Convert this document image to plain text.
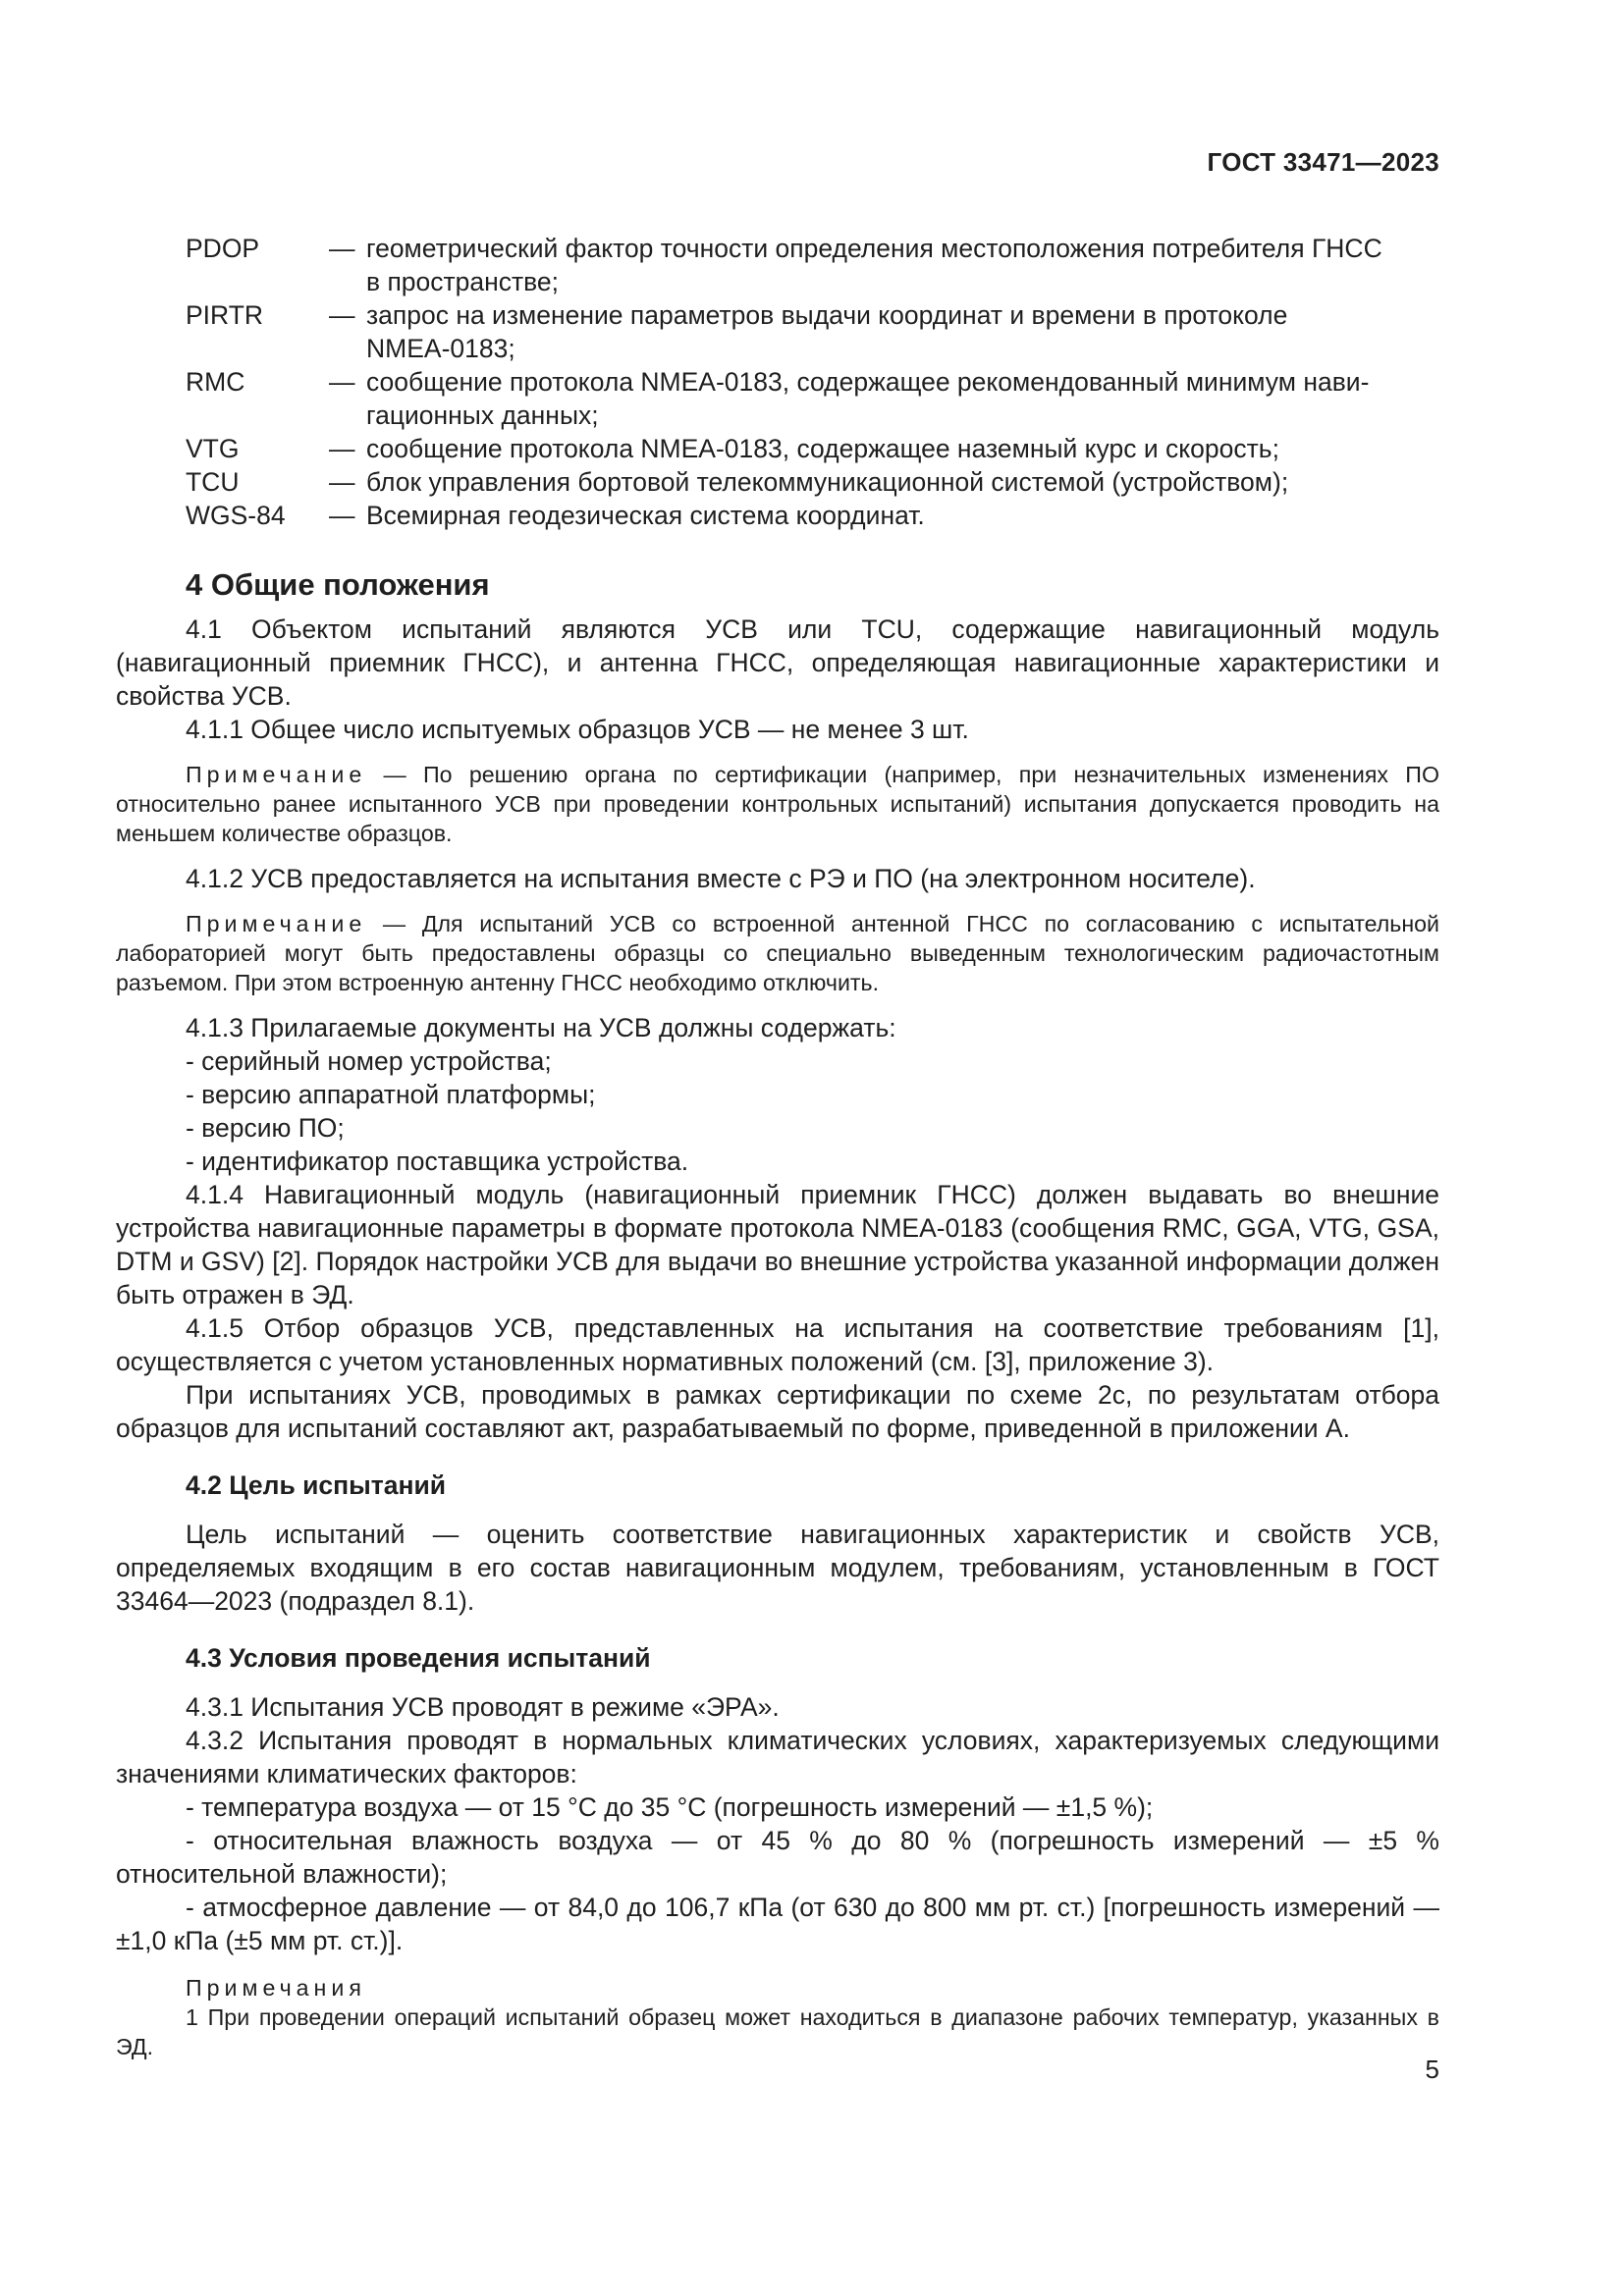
ГОСТ 33471—2023
PDOP	— геометрический фактор точности определения местоположения потребителя ГНСС
в пространстве;
PIRTR	— запрос на изменение параметров выдачи координат и времени в протоколе
NMEA-0183;
RMC	— сообщение протокола NMEA-0183, содержащее рекомендованный минимум нави-
гационных данных;
VTG	— сообщение протокола NMEA-0183, содержащее наземный курс и скорость;
TCU	— блок управления бортовой телекоммуникационной системой (устройством);
WGS-84	— Всемирная геодезическая система координат.
4 Общие положения

4.1 Объектом испытаний являются УСВ или TCU, содержащие навигационный модуль (навигационный приемник ГНСС), и антенна ГНСС, определяющая навигационные характеристики и свойства УСВ.

4.1.1 Общее число испытуемых образцов УСВ — не менее 3 шт.

Примечание — По решению органа по сертификации (например, при незначительных изменениях ПО относительно ранее испытанного УСВ при проведении контрольных испытаний) испытания допускается проводить на меньшем количестве образцов.

4.1.2 УСВ предоставляется на испытания вместе с РЭ и ПО (на электронном носителе).

Примечание — Для испытаний УСВ со встроенной антенной ГНСС по согласованию с испытательной лабораторией могут быть предоставлены образцы со специально выведенным технологическим радиочастотным разъемом. При этом встроенную антенну ГНСС необходимо отключить.

4.1.3 Прилагаемые документы на УСВ должны содержать:

- серийный номер устройства;

- версию аппаратной платформы;

- версию ПО;

- идентификатор поставщика устройства.

4.1.4 Навигационный модуль (навигационный приемник ГНСС) должен выдавать во внешние устройства навигационные параметры в формате протокола NMEA-0183 (сообщения RMC, GGA, VTG, GSA, DTM и GSV) [2]. Порядок настройки УСВ для выдачи во внешние устройства указанной информации должен быть отражен в ЭД.

4.1.5 Отбор образцов УСВ, представленных на испытания на соответствие требованиям [1], осуществляется с учетом установленных нормативных положений (см. [3], приложение 3).

При испытаниях УСВ, проводимых в рамках сертификации по схеме 2с, по результатам отбора образцов для испытаний составляют акт, разрабатываемый по форме, приведенной в приложении А.

4.2 Цель испытаний

Цель испытаний — оценить соответствие навигационных характеристик и свойств УСВ, определяемых входящим в его состав навигационным модулем, требованиям, установленным в ГОСТ 33464—2023 (подраздел 8.1).

4.3 Условия проведения испытаний

4.3.1 Испытания УСВ проводят в режиме «ЭРА».

4.3.2 Испытания проводят в нормальных климатических условиях, характеризуемых следующими значениями климатических факторов:

- температура воздуха — от 15 °С до 35 °С (погрешность измерений — ±1,5 %);

- относительная влажность воздуха — от 45 % до 80 % (погрешность измерений — ±5 % относительной влажности);

- атмосферное давление — от 84,0 до 106,7 кПа (от 630 до 800 мм рт. ст.) [погрешность измерений — ±1,0 кПа (±5 мм рт. ст.)].

Примечания

1 При проведении операций испытаний образец может находиться в диапазоне рабочих температур, указанных в ЭД.

5
